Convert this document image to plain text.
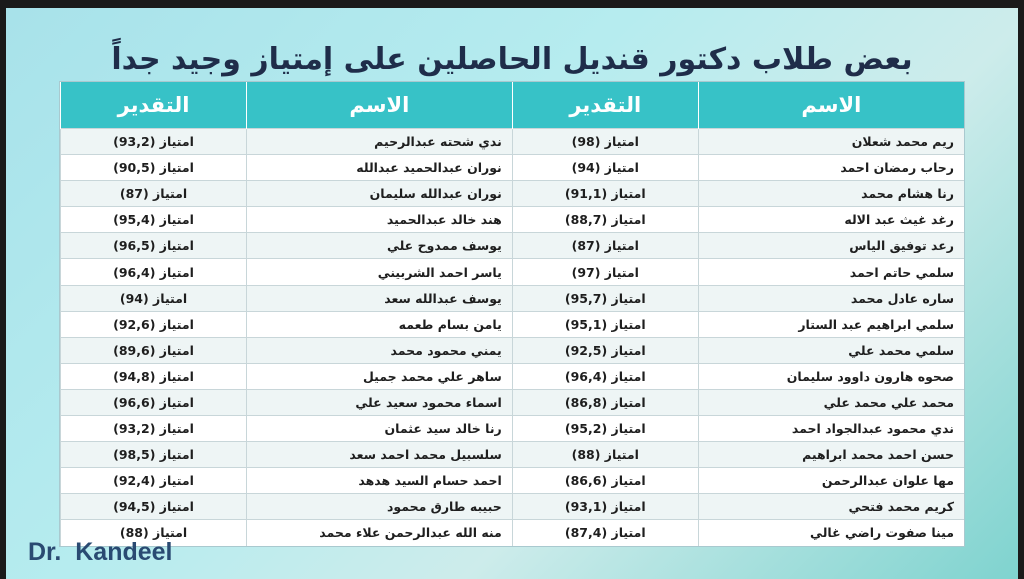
بعض طلاب دكتور قنديل الحاصلين على إمتياز وجيد جداً
الاسم	التقدير	الاسم	التقدير
ريم محمد شعلان	امتياز (98)	ندي شحته عبدالرحيم	امتياز (93,2)
رحاب رمضان احمد	امتياز (94)	نوران عبدالحميد عبدالله	امتياز (90,5)
رنا هشام محمد	امتياز (91,1)	نوران عبدالله سليمان	امتياز (87)
رغد غيث عبد الاله	امتياز (88,7)	هند خالد عبدالحميد	امتياز (95,4)
رعد توفيق الياس	امتياز (87)	يوسف ممدوح علي	امتياز (96,5)
سلمي حاتم احمد	امتياز (97)	ياسر احمد الشربيني	امتياز (96,4)
ساره عادل محمد	امتياز (95,7)	يوسف عبدالله سعد	امتياز (94)
سلمي ابراهيم عبد الستار	امتياز (95,1)	يامن بسام طعمه	امتياز (92,6)
سلمي محمد علي	امتياز (92,5)	يمني محمود محمد	امتياز (89,6)
صحوه هارون داوود سليمان	امتياز (96,4)	ساهر علي محمد جميل	امتياز (94,8)
محمد علي محمد علي	امتياز (86,8)	اسماء محمود سعيد علي	امتياز (96,6)
ندي محمود عبدالجواد احمد	امتياز (95,2)	رنا خالد سيد عثمان	امتياز (93,2)
حسن احمد محمد ابراهيم	امتياز (88)	سلسبيل محمد احمد سعد	امتياز (98,5)
مها علوان عبدالرحمن	امتياز (86,6)	احمد حسام السيد هدهد	امتياز (92,4)
كريم محمد فتحي	امتياز (93,1)	حبيبه طارق محمود	امتياز (94,5)
مينا صفوت راضي غالي	امتياز (87,4)	منه الله عبدالرحمن علاء محمد	امتياز (88)
Dr.  Kandeel
